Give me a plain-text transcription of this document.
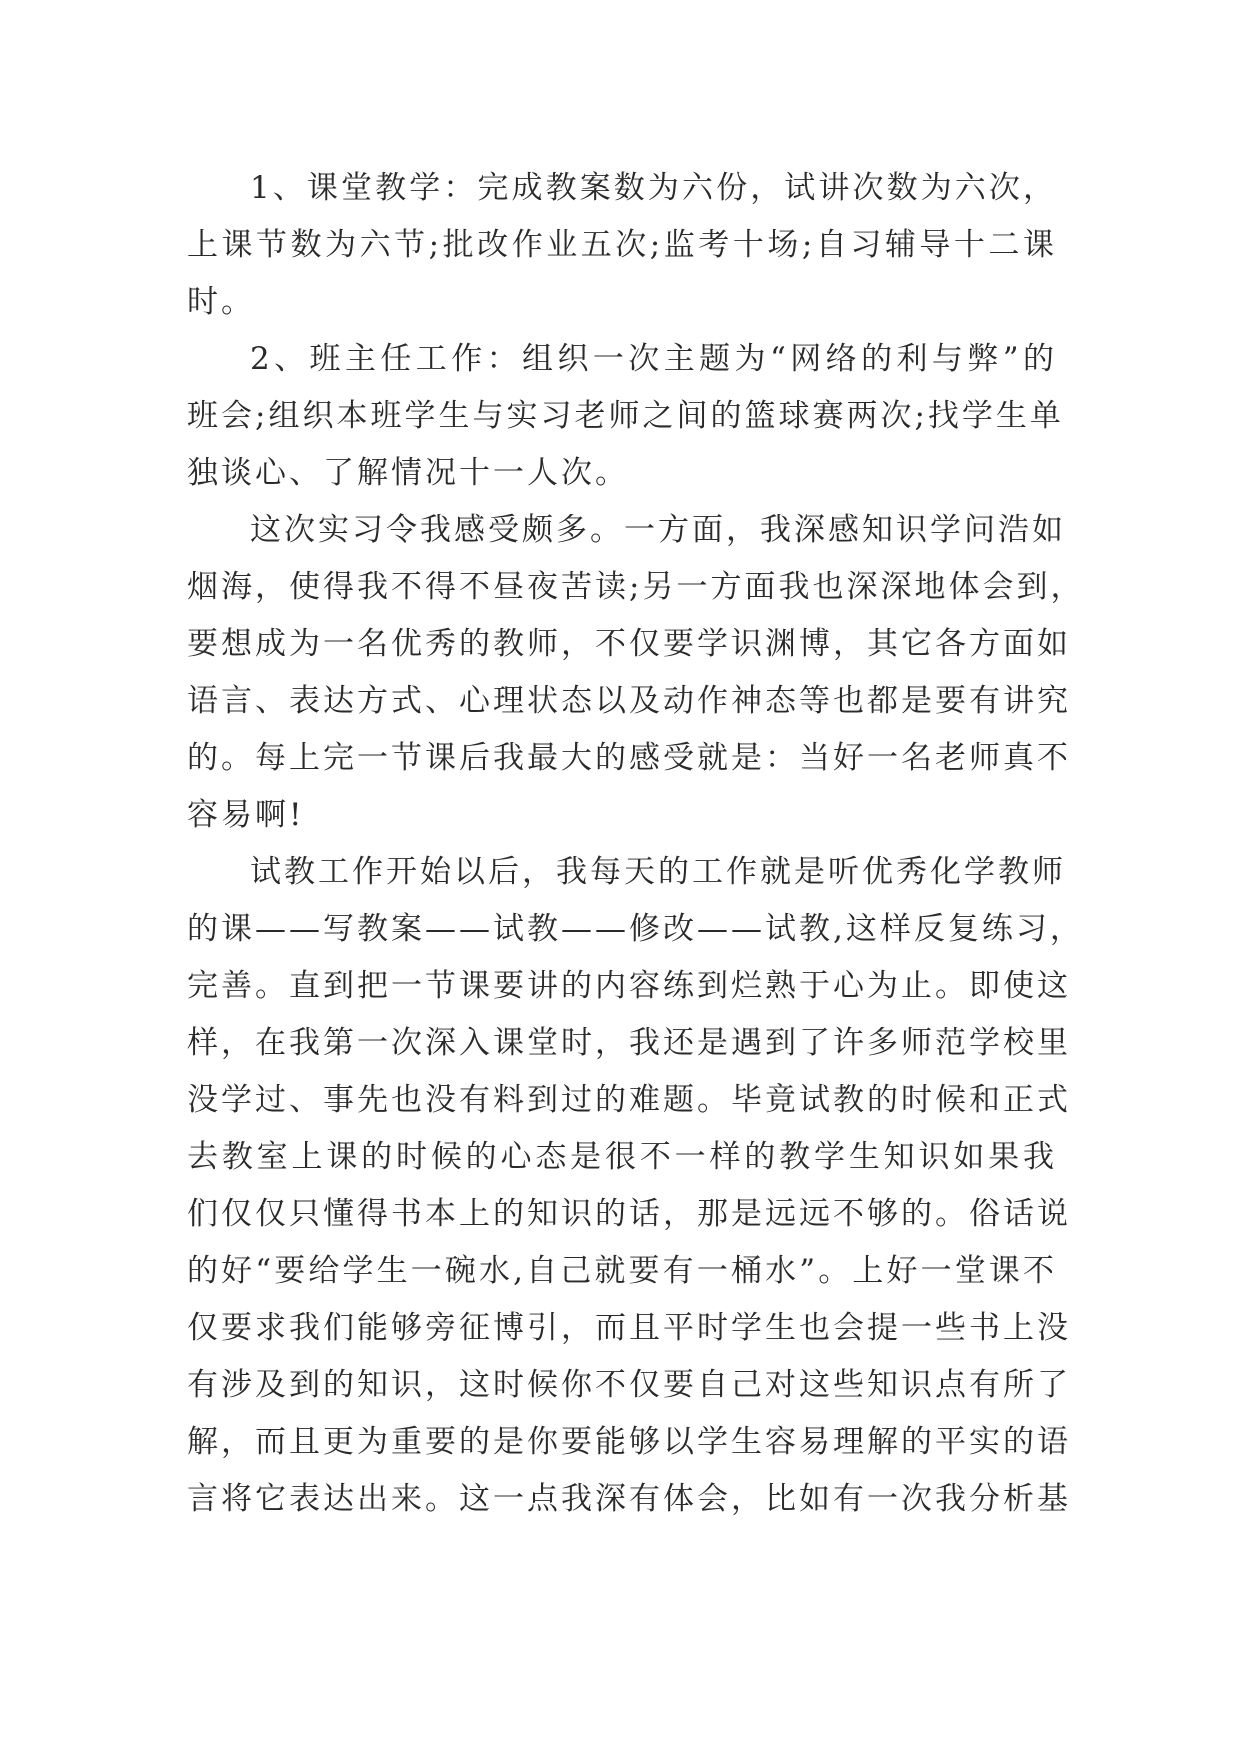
1、课堂教学：完成教案数为六份，试讲次数为六次，
上课节数为六节;批改作业五次;监考十场;自习辅导十二课
时。
2、班主任工作：组织一次主题为“网络的利与弊”的
班会;组织本班学生与实习老师之间的篮球赛两次;找学生单
独谈心、了解情况十一人次。
这次实习令我感受颇多。一方面，我深感知识学问浩如
烟海，使得我不得不昼夜苦读;另一方面我也深深地体会到，
要想成为一名优秀的教师，不仅要学识渊博，其它各方面如
语言、表达方式、心理状态以及动作神态等也都是要有讲究
的。每上完一节课后我最大的感受就是：当好一名老师真不
容易啊!
试教工作开始以后，我每天的工作就是听优秀化学教师
的课——写教案——试教——修改——试教,这样反复练习，
完善。直到把一节课要讲的内容练到烂熟于心为止。即使这
样，在我第一次深入课堂时，我还是遇到了许多师范学校里
没学过、事先也没有料到过的难题。毕竟试教的时候和正式
去教室上课的时候的心态是很不一样的教学生知识如果我
们仅仅只懂得书本上的知识的话，那是远远不够的。俗话说
的好“要给学生一碗水,自己就要有一桶水”。上好一堂课不
仅要求我们能够旁征博引，而且平时学生也会提一些书上没
有涉及到的知识，这时候你不仅要自己对这些知识点有所了
解，而且更为重要的是你要能够以学生容易理解的平实的语
言将它表达出来。这一点我深有体会，比如有一次我分析基
